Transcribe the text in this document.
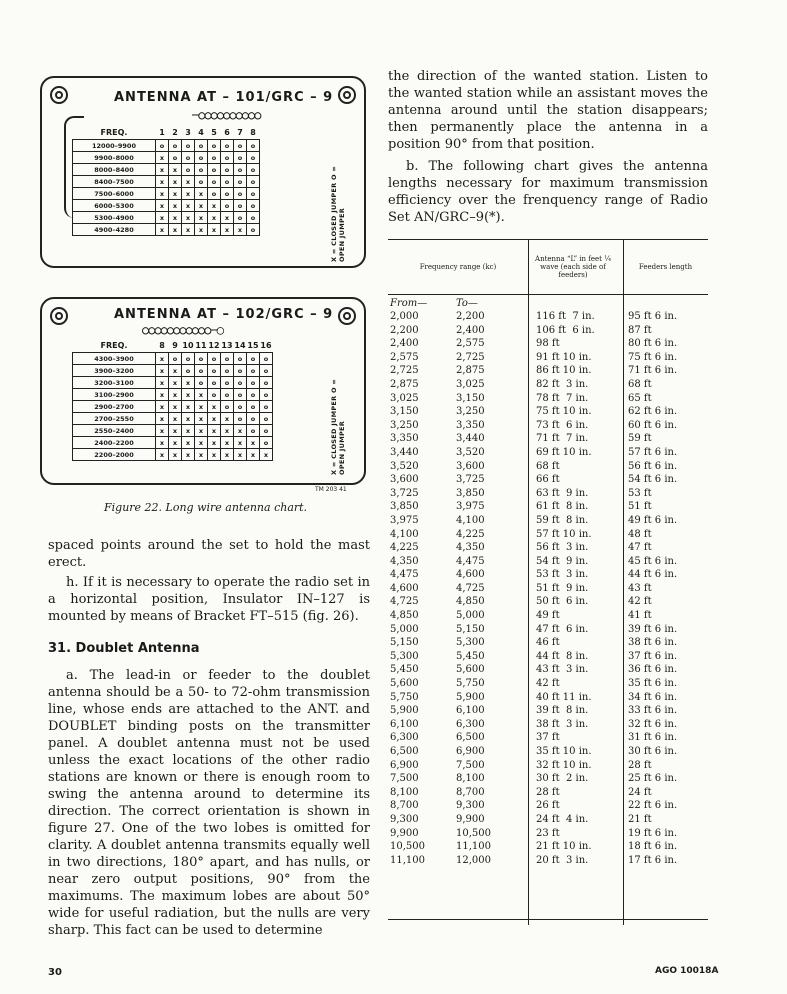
ANTENNA AT – 101/GRC – 9
─○○○○○○○○○○
FREQ.	1	2	3	4	5	6	7	8
12000–9900	o	o	o	o	o	o	o	o
9900–8000	x	o	o	o	o	o	o	o
8000–8400	x	x	o	o	o	o	o	o
8400–7500	x	x	x	o	o	o	o	o
7500–6000	x	x	x	x	o	o	o	o
6000–5300	x	x	x	x	x	o	o	o
5300–4900	x	x	x	x	x	x	o	o
4900–4280	x	x	x	x	x	x	x	o	X = CLOSED JUMPER O = OPEN JUMPER
ANTENNA AT – 102/GRC – 9
○○○○○○○○○○○─◯
FREQ.	8	9	10	11	12	13	14	15	16
4300–3900	x	o	o	o	o	o	o	o	o
3900–3200	x	x	o	o	o	o	o	o	o
3200–3100	x	x	x	o	o	o	o	o	o
3100–2900	x	x	x	x	o	o	o	o	o
2900–2700	x	x	x	x	x	o	o	o	o
2700–2550	x	x	x	x	x	x	o	o	o
2550–2400	x	x	x	x	x	x	x	o	o
2400–2200	x	x	x	x	x	x	x	x	o
2200–2000	x	x	x	x	x	x	x	x	x	X = CLOSED JUMPER O = OPEN JUMPER
TM 203 41
Figure 22. Long wire antenna chart.
spaced points around the set to hold the mast erect.
h. If it is necessary to operate the radio set in a horizontal position, Insulator IN–127 is mounted by means of Bracket FT–515 (fig. 26).
31. Doublet Antenna
a. The lead-in or feeder to the doublet antenna should be a 50- to 72-ohm transmission line, whose ends are attached to the ANT. and DOUBLET binding posts on the transmitter panel. A doublet antenna must not be used unless the exact locations of the other radio stations are known or there is enough room to swing the antenna around to determine its direction. The correct orientation is shown in figure 27. One of the two lobes is omitted for clarity. A doublet antenna transmits equally well in two directions, 180° apart, and has nulls, or near zero output positions, 90° from the maximums. The maximum lobes are about 50° wide for useful radiation, but the nulls are very sharp. This fact can be used to determine
the direction of the wanted station. Listen to the wanted station while an assistant moves the antenna around until the station disappears; then permanently place the antenna in a position 90° from that position.
b. The following chart gives the antenna lengths necessary for maximum transmission efficiency over the frenquency range of Radio Set AN/GRC–9(*).
Frequency range (kc)
Antenna “L” in feet ¼ wave (each side of feeders)
Feeders length
From—	To—
2,000	2,200	116 ft  7 in.	95 ft 6 in.
2,200	2,400	106 ft  6 in.	87 ft
2,400	2,575	98 ft	80 ft 6 in.
2,575	2,725	91 ft 10 in.	75 ft 6 in.
2,725	2,875	86 ft 10 in.	71 ft 6 in.
2,875	3,025	82 ft  3 in.	68 ft
3,025	3,150	78 ft  7 in.	65 ft
3,150	3,250	75 ft 10 in.	62 ft 6 in.
3,250	3,350	73 ft  6 in.	60 ft 6 in.
3,350	3,440	71 ft  7 in.	59 ft
3,440	3,520	69 ft 10 in.	57 ft 6 in.
3,520	3,600	68 ft	56 ft 6 in.
3,600	3,725	66 ft	54 ft 6 in.
3,725	3,850	63 ft  9 in.	53 ft
3,850	3,975	61 ft  8 in.	51 ft
3,975	4,100	59 ft  8 in.	49 ft 6 in.
4,100	4,225	57 ft 10 in.	48 ft
4,225	4,350	56 ft  3 in.	47 ft
4,350	4,475	54 ft  9 in.	45 ft 6 in.
4,475	4,600	53 ft  3 in.	44 ft 6 in.
4,600	4,725	51 ft  9 in.	43 ft
4,725	4,850	50 ft  6 in.	42 ft
4,850	5,000	49 ft	41 ft
5,000	5,150	47 ft  6 in.	39 ft 6 in.
5,150	5,300	46 ft	38 ft 6 in.
5,300	5,450	44 ft  8 in.	37 ft 6 in.
5,450	5,600	43 ft  3 in.	36 ft 6 in.
5,600	5,750	42 ft	35 ft 6 in.
5,750	5,900	40 ft 11 in.	34 ft 6 in.
5,900	6,100	39 ft  8 in.	33 ft 6 in.
6,100	6,300	38 ft  3 in.	32 ft 6 in.
6,300	6,500	37 ft	31 ft 6 in.
6,500	6,900	35 ft 10 in.	30 ft 6 in.
6,900	7,500	32 ft 10 in.	28 ft
7,500	8,100	30 ft  2 in.	25 ft 6 in.
8,100	8,700	28 ft	24 ft
8,700	9,300	26 ft	22 ft 6 in.
9,300	9,900	24 ft  4 in.	21 ft
9,900	10,500	23 ft	19 ft 6 in.
10,500	11,100	21 ft 10 in.	18 ft 6 in.
11,100	12,000	20 ft  3 in.	17 ft 6 in.
30	AGO 10018A
